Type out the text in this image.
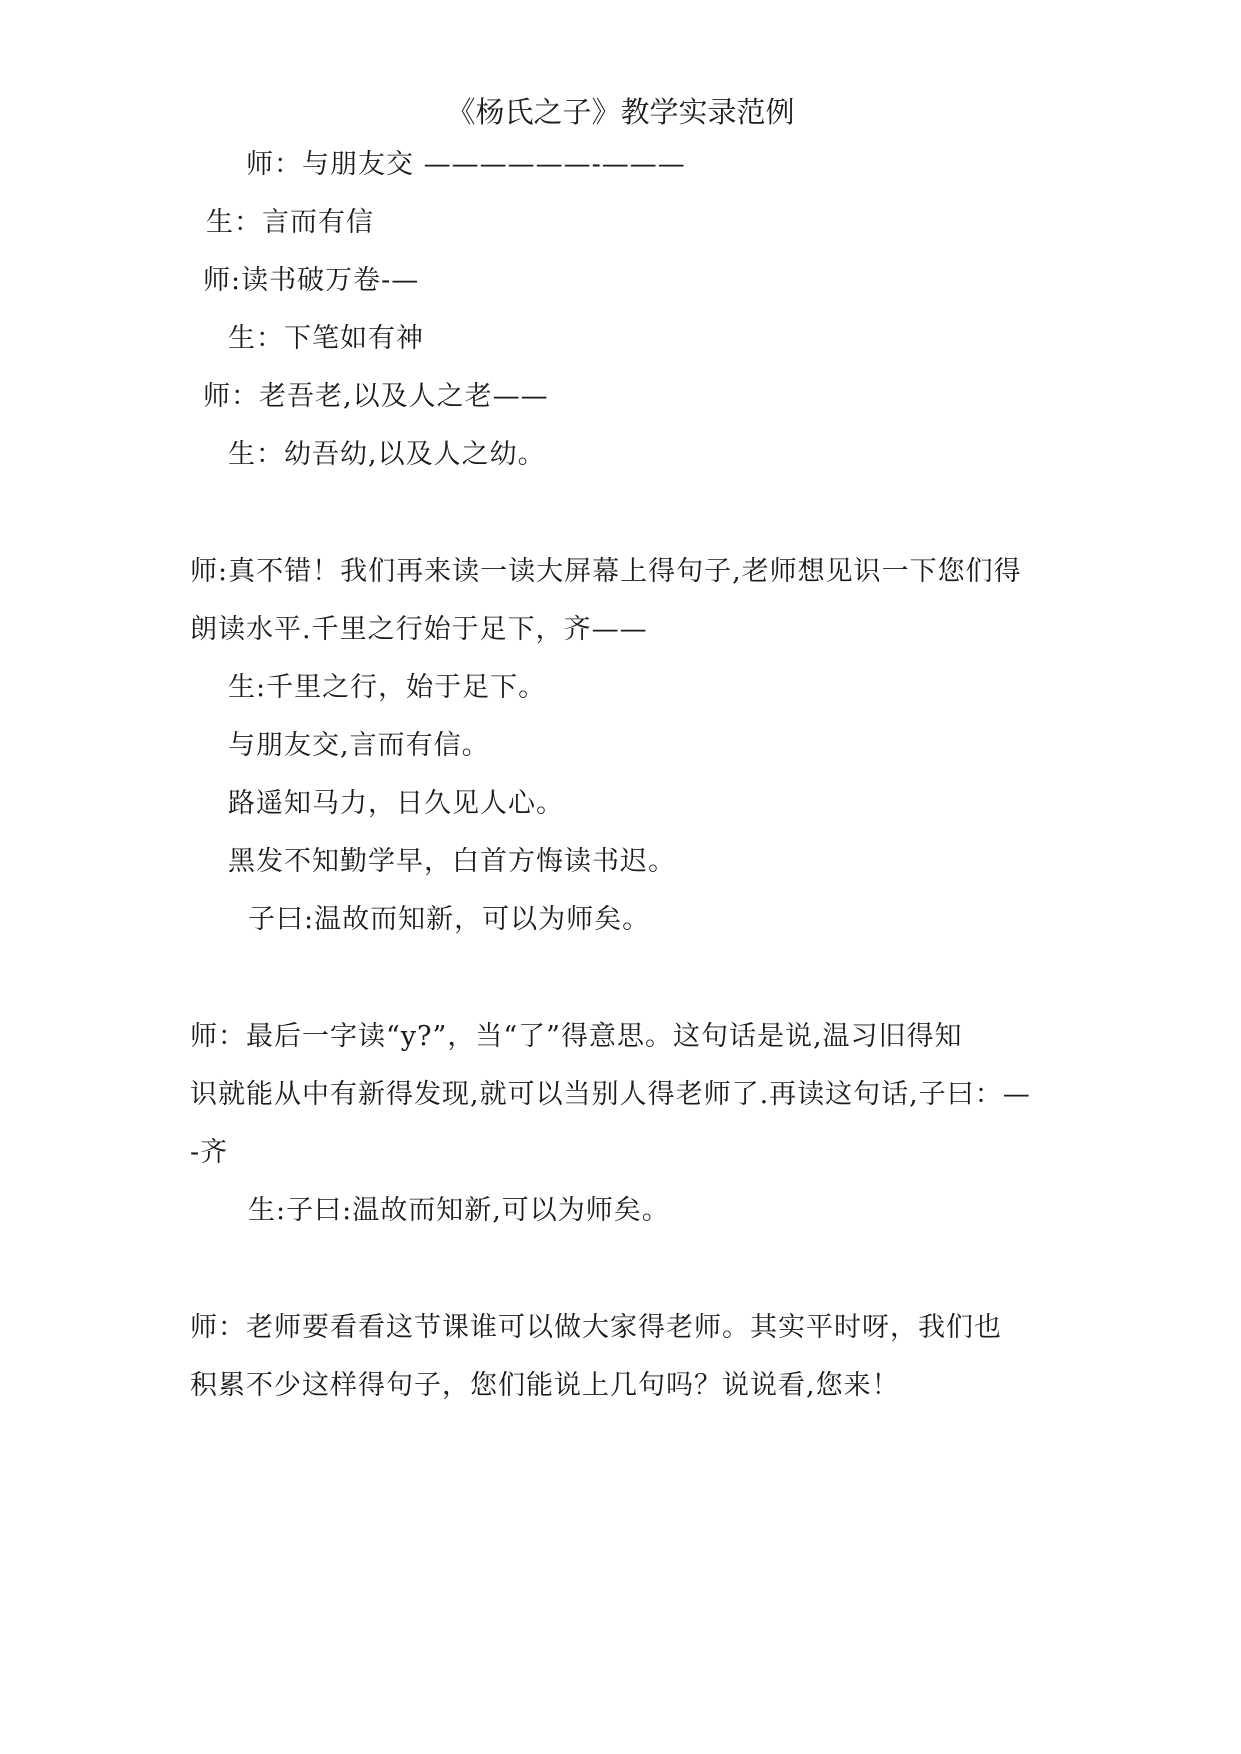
《杨氏之子》教学实录范例
师：与朋友交 ——————-———
生：言而有信
师:读书破万卷-—
生：下笔如有神
师：老吾老,以及人之老——
生：幼吾幼,以及人之幼。
师:真不错！我们再来读一读大屏幕上得句子,老师想见识一下您们得
朗读水平.千里之行始于足下，齐——
生:千里之行，始于足下。
与朋友交,言而有信。
路遥知马力，日久见人心。
黑发不知勤学早，白首方悔读书迟。
子曰:温故而知新，可以为师矣。
师：最后一字读“y?”，当“了”得意思。这句话是说,温习旧得知
识就能从中有新得发现,就可以当别人得老师了.再读这句话,子曰：—
-齐
生:子曰:温故而知新,可以为师矣。
师：老师要看看这节课谁可以做大家得老师。其实平时呀，我们也
积累不少这样得句子，您们能说上几句吗？说说看,您来！
